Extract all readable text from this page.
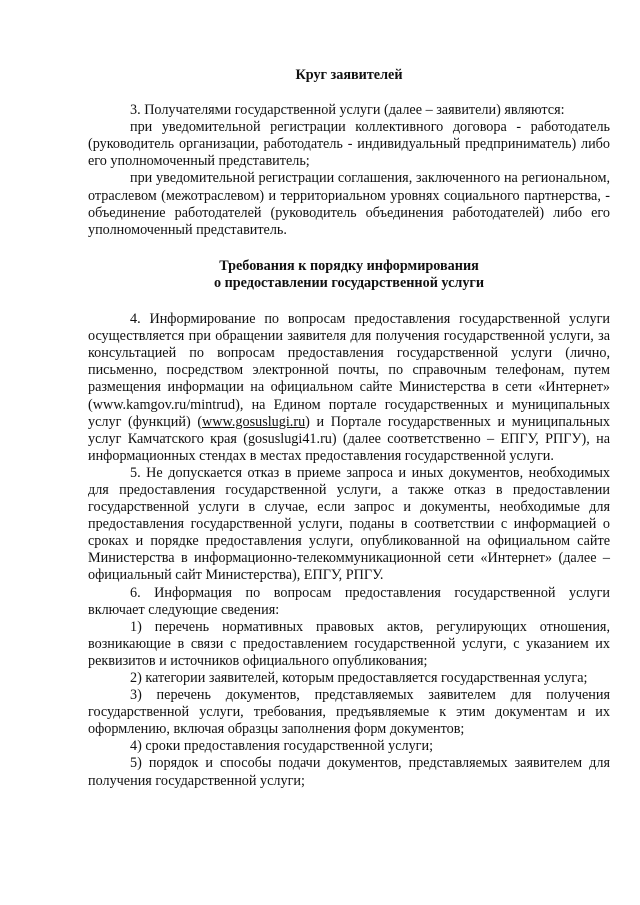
Круг заявителей

3. Получателями государственной услуги (далее – заявители) являются:

при уведомительной регистрации коллективного договора - работодатель (руководитель организации, работодатель - индивидуальный предприниматель) либо его уполномоченный представитель;

при уведомительной регистрации соглашения, заключенного на региональном, отраслевом (межотраслевом) и территориальном уровнях социального партнерства, - объединение работодателей (руководитель объединения работодателей) либо его уполномоченный представитель.

Требования к порядку информирования

о предоставлении государственной услуги

4. Информирование по вопросам предоставления государственной услуги осуществляется при обращении заявителя для получения государственной услуги, за консультацией по вопросам предоставления государственной услуги (лично, письменно, посредством электронной почты, по справочным телефонам, путем размещения информации на официальном сайте Министерства в сети «Интернет» (www.kamgov.ru/mintrud), на Едином портале государственных и муниципальных услуг (функций) (www.gosuslugi.ru) и Портале государственных и муниципальных услуг Камчатского края (gosuslugi41.ru) (далее соответственно – ЕПГУ, РПГУ), на информационных стендах в местах предоставления государственной услуги.

5. Не допускается отказ в приеме запроса и иных документов, необходимых для предоставления государственной услуги, а также отказ в предоставлении государственной услуги в случае, если запрос и документы, необходимые для предоставления государственной услуги, поданы в соответствии с информацией о сроках и порядке предоставления услуги, опубликованной на официальном сайте Министерства в информационно-телекоммуникационной сети «Интернет» (далее – официальный сайт Министерства), ЕПГУ, РПГУ.

6. Информация по вопросам предоставления государственной услуги включает следующие сведения:

1) перечень нормативных правовых актов, регулирующих отношения, возникающие в связи с предоставлением государственной услуги, с указанием их реквизитов и источников официального опубликования;

2) категории заявителей, которым предоставляется государственная услуга;

3) перечень документов, представляемых заявителем для получения государственной услуги, требования, предъявляемые к этим документам и их оформлению, включая образцы заполнения форм документов;

4) сроки предоставления государственной услуги;

5) порядок и способы подачи документов, представляемых заявителем для получения государственной услуги;
